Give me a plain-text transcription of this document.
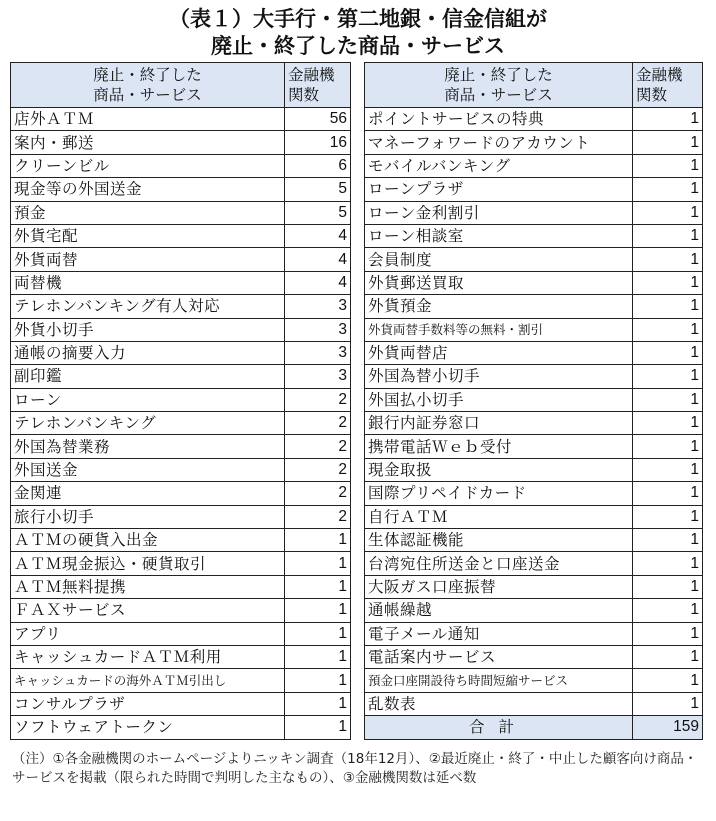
（表１）大手行・第二地銀・信金信組が
廃止・終了した商品・サービス
廃止・終了した
商品・サービス	金融機
関数
店外ＡＴＭ	56
案内・郵送	16
クリーンビル	6
現金等の外国送金	5
預金	5
外貨宅配	4
外貨両替	4
両替機	4
テレホンバンキング有人対応	3
外貨小切手	3
通帳の摘要入力	3
副印鑑	3
ローン	2
テレホンバンキング	2
外国為替業務	2
外国送金	2
金関連	2
旅行小切手	2
ＡＴＭの硬貨入出金	1
ＡＴＭ現金振込・硬貨取引	1
ＡＴＭ無料提携	1
ＦＡＸサービス	1
アプリ	1
キャッシュカードＡＴＭ利用	1
キャッシュカードの海外ＡＴＭ引出し	1
コンサルプラザ	1
ソフトウェアトークン	1
廃止・終了した
商品・サービス	金融機
関数
ポイントサービスの特典	1
マネーフォワードのアカウント	1
モバイルバンキング	1
ローンプラザ	1
ローン金利割引	1
ローン相談室	1
会員制度	1
外貨郵送買取	1
外貨預金	1
外貨両替手数料等の無料・割引	1
外貨両替店	1
外国為替小切手	1
外国払小切手	1
銀行内証券窓口	1
携帯電話Ｗｅｂ受付	1
現金取扱	1
国際プリペイドカード	1
自行ＡＴＭ	1
生体認証機能	1
台湾宛住所送金と口座送金	1
大阪ガス口座振替	1
通帳繰越	1
電子メール通知	1
電話案内サービス	1
預金口座開設待ち時間短縮サービス	1
乱数表	1
合計	159
（注）①各金融機関のホームページよりニッキン調査（18年12月）、②最近廃止・終了・中止した顧客向け商品・サービスを掲載（限られた時間で判明した主なもの）、③金融機関数は延べ数
